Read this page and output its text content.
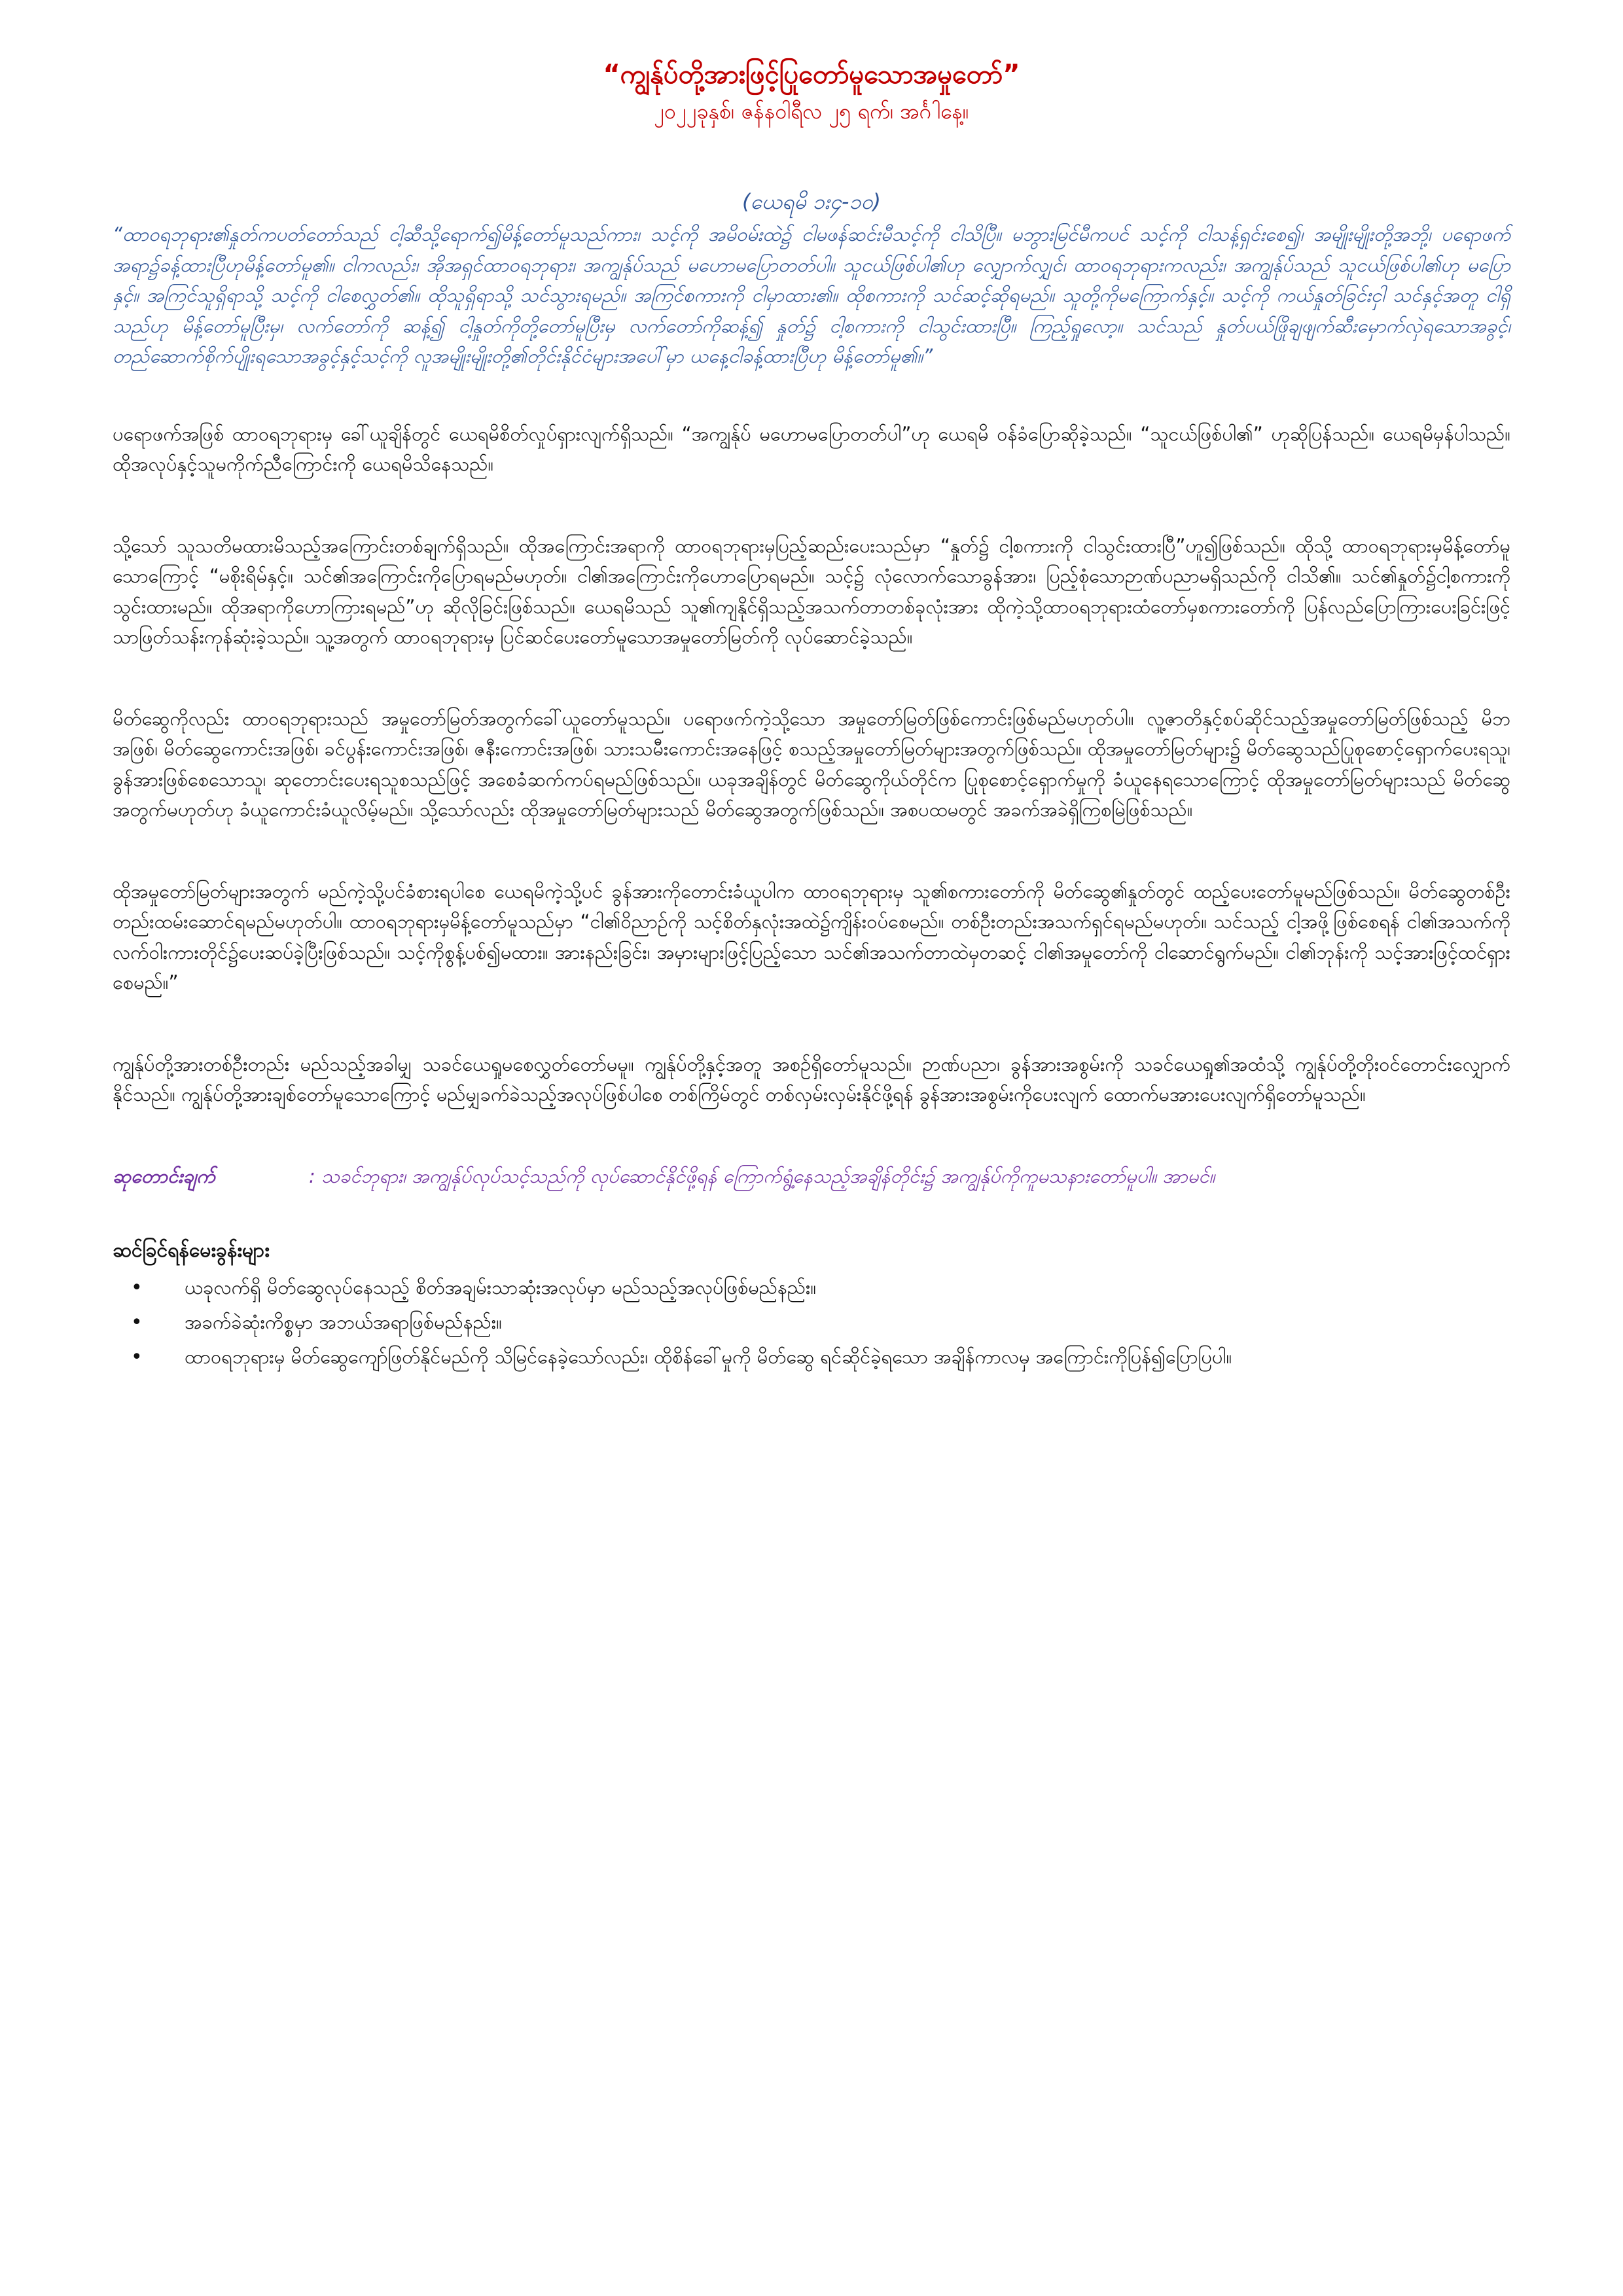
“ကျွန်ုပ်တို့အားဖြင့်ပြုတော်မူသောအမှုတော်”

၂၀၂၂ခုနှစ်၊ ဇန်နဝါရီလ ၂၅ ရက်၊ အင်္ဂါနေ့။

(ယေရမိ ၁း၄-၁၀)

“ထာဝရဘုရား၏နှုတ်ကပတ်တော်သည် ငါ့ဆီသို့ရောက်၍မိန့်တော်မူသည်ကား၊ သင့်ကို အမိဝမ်းထဲ၌ ငါမဖန်ဆင်းမီသင့်ကို ငါသိပြီ။ မဘွားမြင်မီကပင် သင့်ကို ငါသန့်ရှင်းစေ၍၊ အမျိုးမျိုးတို့အဘို့၊ ပရောဖက်အရာ၌ခန့်ထားပြီဟုမိန့်တော်မူ၏။ ငါကလည်း၊ အိုအရှင်ထာဝရဘုရား၊ အကျွန်ုပ်သည် မဟောမပြောတတ်ပါ။ သူငယ်ဖြစ်ပါ၏ဟု လျှောက်လျှင်၊ ထာဝရဘုရားကလည်း၊ အကျွန်ုပ်သည် သူငယ်ဖြစ်ပါ၏ဟု မပြောနှင့်။ အကြင်သူရှိရာသို့ သင့်ကို ငါစေလွှတ်၏။ ထိုသူရှိရာသို့ သင်သွားရမည်။ အကြင်စကားကို ငါမှာထား၏။ ထိုစကားကို သင်ဆင့်ဆိုရမည်။ သူတို့ကိုမကြောက်နှင့်။ သင့်ကို ကယ်နှုတ်ခြင်းငှါ သင်နှင့်အတူ ငါရှိသည်ဟု မိန့်တော်မူပြီးမှ၊ လက်တော်ကို ဆန့်၍ ငါ့နှုတ်ကိုတို့တော်မူပြီးမှ လက်တော်ကိုဆန့်၍ နှုတ်၌ ငါ့စကားကို ငါသွင်းထားပြီ။ ကြည့်ရှုလော့။ သင်သည် နှုတ်ပယ်ဖြိုချဖျက်ဆီးမှောက်လှဲရသောအခွင့်၊ တည်ဆောက်စိုက်ပျိုးရသောအခွင့်နှင့်သင့်ကို လူအမျိုးမျိုးတို့၏တိုင်းနိုင်ငံများအပေါ်မှာ ယနေ့ငါခန့်ထားပြီဟု မိန့်တော်မူ၏။”

ပရောဖက်အဖြစ် ထာဝရဘုရားမှ ခေါ်ယူချိန်တွင် ယေရမိစိတ်လှုပ်ရှားလျက်ရှိသည်။ “အကျွန်ုပ် မဟောမပြောတတ်ပါ”ဟု ယေရမိ ဝန်ခံပြောဆိုခဲ့သည်။ “သူငယ်ဖြစ်ပါ၏” ဟုဆိုပြန်သည်။ ယေရမိမှန်ပါသည်။ ထိုအလုပ်နှင့်သူမကိုက်ညီကြောင်းကို ယေရမိသိနေသည်။

သို့သော် သူသတိမထားမိသည့်အကြောင်းတစ်ချက်ရှိသည်။ ထိုအကြောင်းအရာကို ထာဝရဘုရားမှပြည့်ဆည်းပေးသည်မှာ “နှုတ်၌ ငါ့စကားကို ငါသွင်းထားပြီ”ဟူ၍ဖြစ်သည်။ ထိုသို့ ထာဝရဘုရားမှမိန့်တော်မူသောကြောင့် “မစိုးရိမ်နှင့်။ သင်၏အကြောင်းကိုပြောရမည်မဟုတ်။ ငါ၏အကြောင်းကိုဟောပြောရမည်။ သင့်၌ လုံလောက်သောခွန်အား၊ ပြည့်စုံသောဉာဏ်ပညာမရှိသည်ကို ငါသိ၏။ သင်၏နှုတ်၌ငါ့စကားကို သွင်းထားမည်။ ထိုအရာကိုဟောကြားရမည်”ဟု ဆိုလိုခြင်းဖြစ်သည်။ ယေရမိသည် သူ၏ကျနိုင်ရှိသည့်အသက်တာတစ်ခုလုံးအား ထိုကဲ့သို့ထာဝရဘုရားထံတော်မှစကားတော်ကို ပြန်လည်ပြောကြားပေးခြင်းဖြင့်သာဖြတ်သန်းကုန်ဆုံးခဲ့သည်။ သူ့အတွက် ထာဝရဘုရားမှ ပြင်ဆင်ပေးတော်မူသောအမှုတော်မြတ်ကို လုပ်ဆောင်ခဲ့သည်။

မိတ်ဆွေကိုလည်း ထာဝရဘုရားသည် အမှုတော်မြတ်အတွက်ခေါ်ယူတော်မူသည်။ ပရောဖက်ကဲ့သို့သော အမှုတော်မြတ်ဖြစ်ကောင်းဖြစ်မည်မဟုတ်ပါ။ လူ့ဇာတိနှင့်စပ်ဆိုင်သည့်အမှုတော်မြတ်ဖြစ်သည့် မိဘအဖြစ်၊ မိတ်ဆွေကောင်းအဖြစ်၊ ခင်ပွန်းကောင်းအဖြစ်၊ ဇနီးကောင်းအဖြစ်၊ သားသမီးကောင်းအနေဖြင့် စသည့်အမှုတော်မြတ်များအတွက်ဖြစ်သည်။ ထိုအမှုတော်မြတ်များ၌ မိတ်ဆွေသည်ပြုစုစောင့်ရှောက်ပေးရသူ၊ ခွန်အားဖြစ်စေသောသူ၊ ဆုတောင်းပေးရသူစသည်ဖြင့် အစေခံဆက်ကပ်ရမည်ဖြစ်သည်။ ယခုအချိန်တွင် မိတ်ဆွေကိုယ်တိုင်က ပြုစုစောင့်ရှောက်မှုကို ခံယူနေရသောကြောင့် ထိုအမှုတော်မြတ်များသည် မိတ်ဆွေအတွက်မဟုတ်ဟု ခံယူကောင်းခံယူလိမ့်မည်။ သို့သော်လည်း ထိုအမှုတော်မြတ်များသည် မိတ်ဆွေအတွက်ဖြစ်သည်။ အစပထမတွင် အခက်အခဲရှိကြစမြဲဖြစ်သည်။

ထိုအမှုတော်မြတ်များအတွက် မည်ကဲ့သို့ပင်ခံစားရပါစေ ယေရမိကဲ့သို့ပင် ခွန်အားကိုတောင်းခံယူပါက ထာဝရဘုရားမှ သူ၏စကားတော်ကို မိတ်ဆွေ၏နှုတ်တွင် ထည့်ပေးတော်မူမည်ဖြစ်သည်။ မိတ်ဆွေတစ်ဦးတည်းထမ်းဆောင်ရမည်မဟုတ်ပါ။ ထာဝရဘုရားမှမိန့်တော်မူသည်မှာ “ငါ၏ဝိညာဉ်ကို သင့်စိတ်နှလုံးအထဲ၌ကျိန်းဝပ်စေမည်။ တစ်ဦးတည်းအသက်ရှင်ရမည်မဟုတ်။ သင်သည့် ငါ့အဖို့ဖြစ်စေရန် ငါ၏အသက်ကို လက်ဝါးကားတိုင်၌ပေးဆပ်ခဲ့ပြီးဖြစ်သည်။ သင့်ကိုစွန့်ပစ်၍မထား။ အားနည်းခြင်း၊ အမှားများဖြင့်ပြည့်သော သင်၏အသက်တာထဲမှတဆင့် ငါ၏အမှုတော်ကို ငါဆောင်ရွက်မည်။ ငါ၏ဘုန်းကို သင့်အားဖြင့်ထင်ရှားစေမည်။”

ကျွန်ုပ်တို့အားတစ်ဦးတည်း မည်သည့်အခါမျှ သခင်ယေရှုမစေလွှတ်တော်မမူ။ ကျွန်ုပ်တို့နှင့်အတူ အစဉ်ရှိတော်မူသည်။ ဉာဏ်ပညာ၊ ခွန်အားအစွမ်းကို သခင်ယေရှု၏အထံသို့ ကျွန်ုပ်တို့တိုးဝင်တောင်းလျှောက်နိုင်သည်။ ကျွန်ုပ်တို့အားချစ်တော်မူသောကြောင့် မည်မျှခက်ခဲသည့်အလုပ်ဖြစ်ပါစေ တစ်ကြိမ်တွင် တစ်လှမ်းလှမ်းနိုင်ဖို့ရန် ခွန်အားအစွမ်းကိုပေးလျက် ထောက်မအားပေးလျက်ရှိတော်မူသည်။

ဆုတောင်းချက်	: သခင်ဘုရား၊ အကျွန်ုပ်လုပ်သင့်သည်ကို လုပ်ဆောင်နိုင်ဖို့ရန် ကြောက်ရွံ့နေသည့်အချိန်တိုင်း၌ အကျွန်ုပ်ကိုကူမသနားတော်မူပါ။ အာမင်။
ဆင်ခြင်ရန်မေးခွန်းများ
• ယခုလက်ရှိ မိတ်ဆွေလုပ်နေသည့် စိတ်အချမ်းသာဆုံးအလုပ်မှာ မည်သည့်အလုပ်ဖြစ်မည်နည်း။
• အခက်ခဲဆုံးကိစ္စမှာ အဘယ်အရာဖြစ်မည်နည်း။
• ထာဝရဘုရားမှ မိတ်ဆွေကျော်ဖြတ်နိုင်မည်ကို သိမြင်နေခဲ့သော်လည်း၊ ထိုစိန်ခေါ်မှုကို မိတ်ဆွေ ရင်ဆိုင်ခဲ့ရသော အချိန်ကာလမှ အကြောင်းကိုပြန်၍ပြောပြပါ။
